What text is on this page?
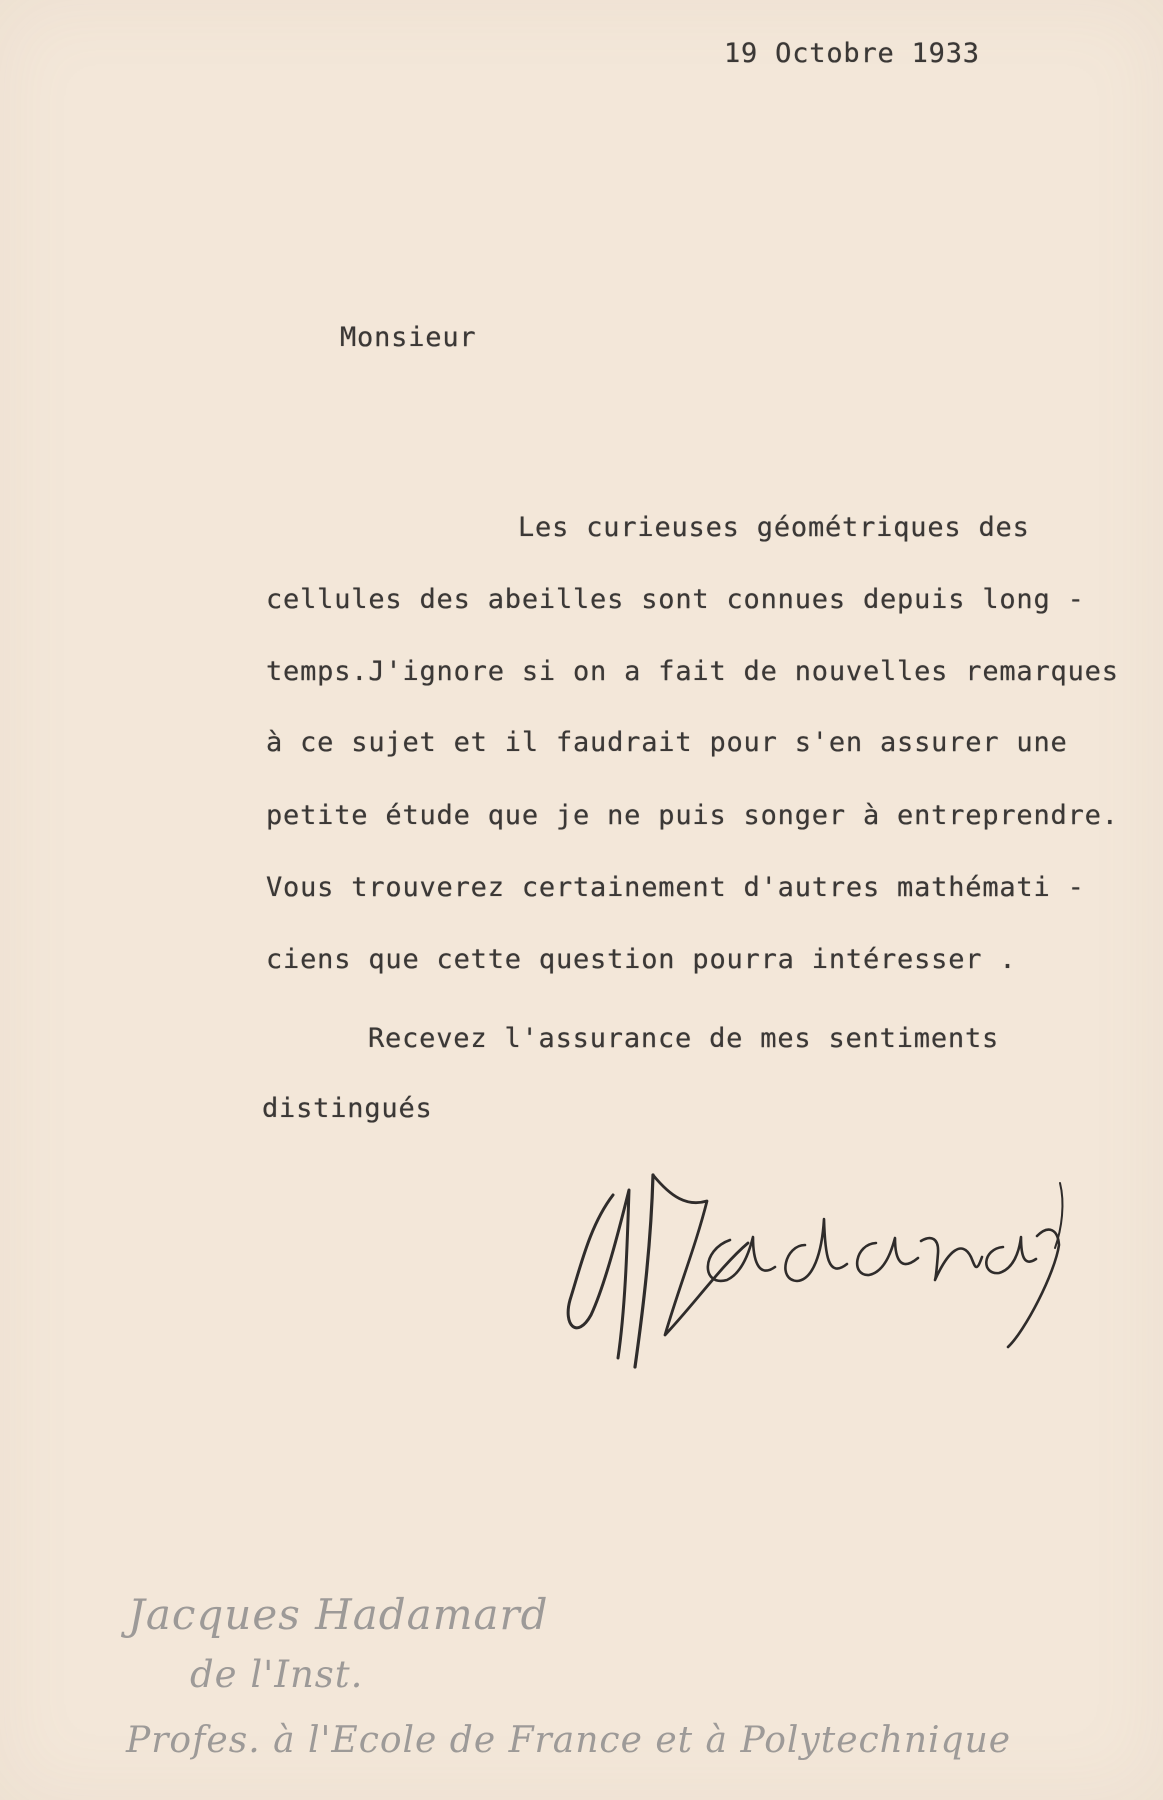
19 Octobre 1933
Monsieur
Les curieuses géométriques des
cellules des abeilles sont connues depuis long -
temps.J'ignore si on a fait de nouvelles remarques
à ce sujet et il faudrait pour s'en assurer une
petite étude que je ne puis songer à entreprendre.
Vous trouverez certainement d'autres mathémati -
ciens que cette question pourra intéresser .
Recevez l'assurance de mes sentiments
distingués
Jacques Hadamard
de l'Inst.
Profes. à l'Ecole de France et à Polytechnique
